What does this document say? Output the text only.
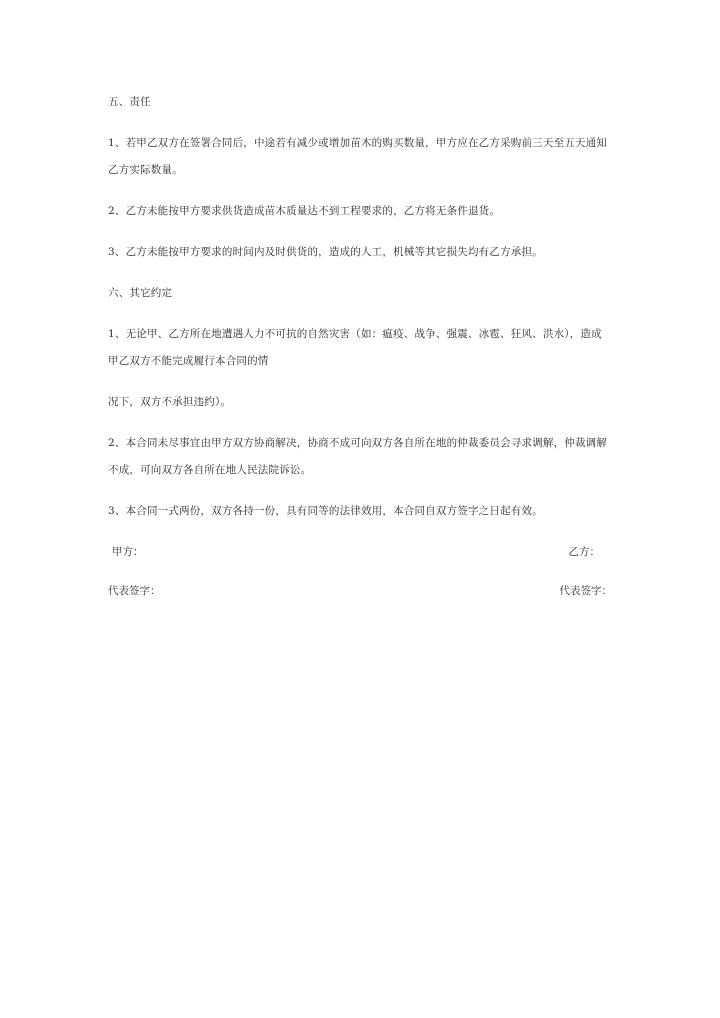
五、责任
1、若甲乙双方在签署合同后，中途若有减少或增加苗木的购买数量，甲方应在乙方采购前三天至五天通知
乙方实际数量。
2、乙方未能按甲方要求供货造成苗木质量达不到工程要求的，乙方将无条件退货。
3、乙方未能按甲方要求的时间内及时供货的，造成的人工，机械等其它损失均有乙方承担。
六、其它约定
1、无论甲、乙方所在地遭遇人力不可抗的自然灾害（如：瘟疫、战争、强震、冰雹、狂风、洪水），造成
甲乙双方不能完成履行本合同的情
况下，双方不承担违约）。
2、本合同未尽事宜由甲方双方协商解决，协商不成可向双方各自所在地的仲裁委员会寻求调解，仲裁调解
不成，可向双方各自所在地人民法院诉讼。
3、本合同一式两份，双方各持一份，具有同等的法律效用，本合同自双方签字之日起有效。
甲方：	乙方：
代表签字：	代表签字：
